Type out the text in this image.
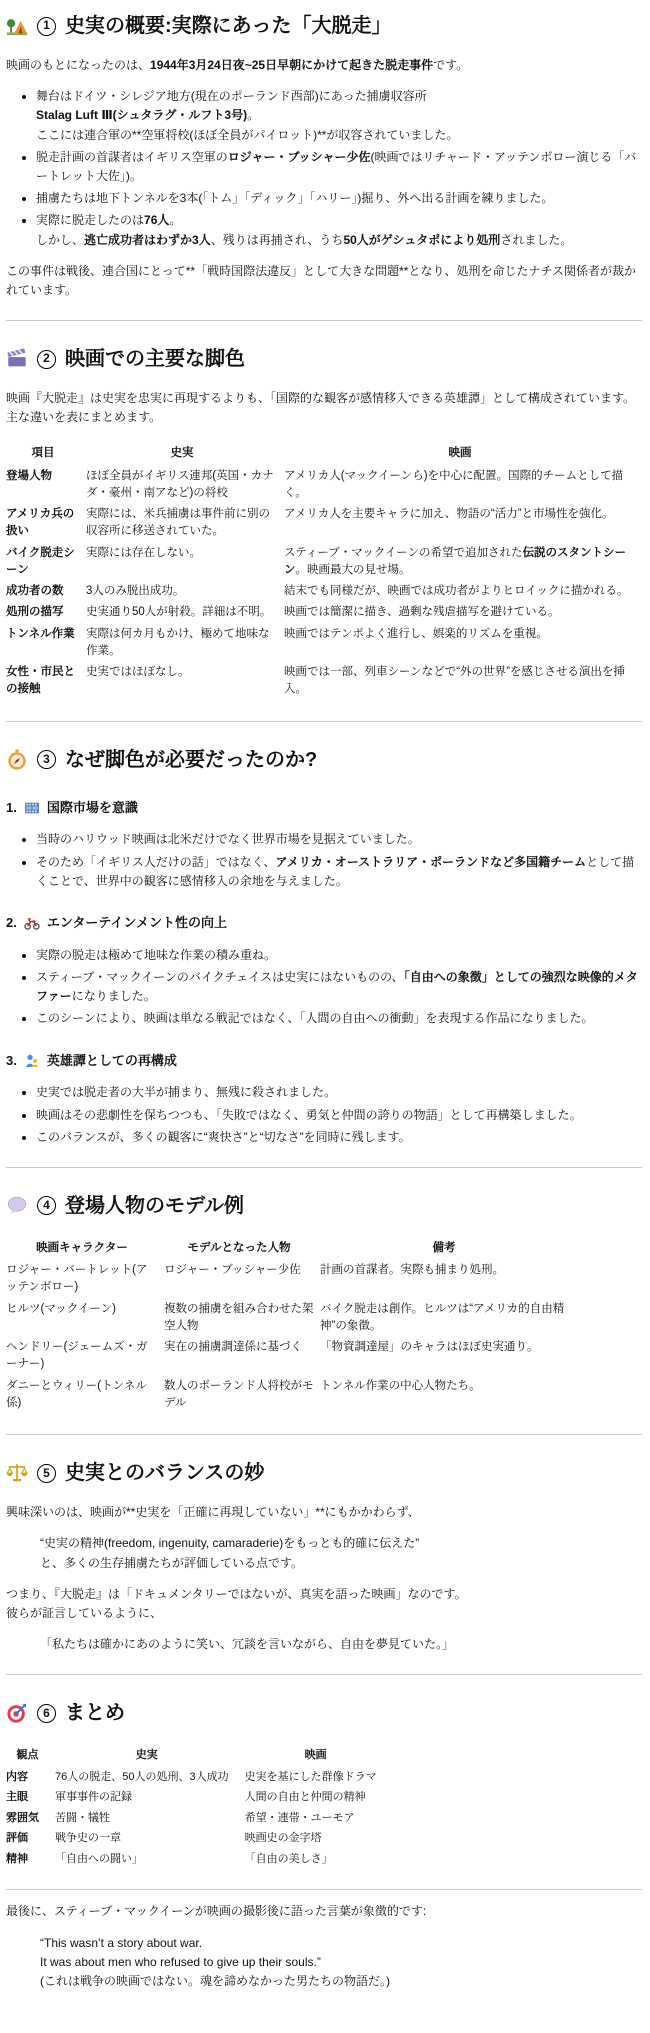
1 史実の概要:実際にあった「大脱走」

映画のもとになったのは、1944年3月24日夜~25日早朝にかけて起きた脱走事件です。

• 舞台はドイツ・シレジア地方(現在のポーランド西部)にあった捕虜収容所
Stalag Luft Ⅲ(シュタラグ・ルフト3号)。
ここには連合軍の**空軍将校(ほぼ全員がパイロット)**が収容されていました。
• 脱走計画の首謀者はイギリス空軍のロジャー・ブッシャー少佐(映画ではリチャード・アッテンボロー演じる「バートレット大佐」)。
• 捕虜たちは地下トンネルを3本(「トム」「ディック」「ハリー」)掘り、外へ出る計画を練りました。
• 実際に脱走したのは76人。
しかし、逃亡成功者はわずか3人、残りは再捕され、うち50人がゲシュタポにより処刑されました。

この事件は戦後、連合国にとって**「戦時国際法違反」として大きな問題**となり、処刑を命じたナチス関係者が裁かれています。

2 映画での主要な脚色

映画『大脱走』は史実を忠実に再現するよりも、「国際的な観客が感情移入できる英雄譚」として構成されています。
主な違いを表にまとめます。

項目	史実	映画
登場人物	ほぼ全員がイギリス連邦(英国・カナダ・豪州・南アなど)の将校	アメリカ人(マックイーンら)を中心に配置。国際的チームとして描く。
アメリカ兵の扱い	実際には、米兵捕虜は事件前に別の収容所に移送されていた。	アメリカ人を主要キャラに加え、物語の“活力”と市場性を強化。
バイク脱走シーン	実際には存在しない。	スティーブ・マックイーンの希望で追加された伝説のスタントシーン。映画最大の見せ場。
成功者の数	3人のみ脱出成功。	結末でも同様だが、映画では成功者がよりヒロイックに描かれる。
処刑の描写	史実通り50人が射殺。詳細は不明。	映画では簡潔に描き、過剰な残虐描写を避けている。
トンネル作業	実際は何カ月もかけ、極めて地味な作業。	映画ではテンポよく進行し、娯楽的リズムを重視。
女性・市民との接触	史実ではほぼなし。	映画では一部、列車シーンなどで“外の世界”を感じさせる演出を挿入。
3 なぜ脚色が必要だったのか?
1. 国際市場を意識
• 当時のハリウッド映画は北米だけでなく世界市場を見据えていました。
• そのため「イギリス人だけの話」ではなく、アメリカ・オーストラリア・ポーランドなど多国籍チームとして描くことで、世界中の観客に感情移入の余地を与えました。
2. エンターテインメント性の向上
• 実際の脱走は極めて地味な作業の積み重ね。
• スティーブ・マックイーンのバイクチェイスは史実にはないものの、「自由への象徴」としての強烈な映像的メタファーになりました。
• このシーンにより、映画は単なる戦記ではなく、「人間の自由への衝動」を表現する作品になりました。
3. 英雄譚としての再構成
• 史実では脱走者の大半が捕まり、無残に殺されました。
• 映画はその悲劇性を保ちつつも、「失敗ではなく、勇気と仲間の誇りの物語」として再構築しました。
• このバランスが、多くの観客に“爽快さ”と“切なさ”を同時に残します。
4 登場人物のモデル例
映画キャラクター	モデルとなった人物	備考
ロジャー・バートレット(アッテンボロー)	ロジャー・ブッシャー少佐	計画の首謀者。実際も捕まり処刑。
ヒルツ(マックイーン)	複数の捕虜を組み合わせた架空人物	バイク脱走は創作。ヒルツは“アメリカ的自由精神”の象徴。
ヘンドリー(ジェームズ・ガーナー)	実在の捕虜調達係に基づく	「物資調達屋」のキャラはほぼ史実通り。
ダニーとウィリー(トンネル係)	数人のポーランド人将校がモデル	トンネル作業の中心人物たち。
5 史実とのバランスの妙

興味深いのは、映画が**史実を「正確に再現していない」**にもかかわらず、

“史実の精神(freedom, ingenuity, camaraderie)をもっとも的確に伝えた”
と、多くの生存捕虜たちが評価している点です。

つまり、『大脱走』は「ドキュメンタリーではないが、真実を語った映画」なのです。
彼らが証言しているように、

「私たちは確かにあのように笑い、冗談を言いながら、自由を夢見ていた。」
6 まとめ
観点	史実	映画
内容	76人の脱走、50人の処刑、3人成功	史実を基にした群像ドラマ
主眼	軍事事件の記録	人間の自由と仲間の精神
雰囲気	苦闘・犠牲	希望・連帯・ユーモア
評価	戦争史の一章	映画史の金字塔
精神	「自由への闘い」	「自由の美しさ」

最後に、スティーブ・マックイーンが映画の撮影後に語った言葉が象徴的です:

“This wasn’t a story about war.
It was about men who refused to give up their souls.”
(これは戦争の映画ではない。魂を諦めなかった男たちの物語だ。)
